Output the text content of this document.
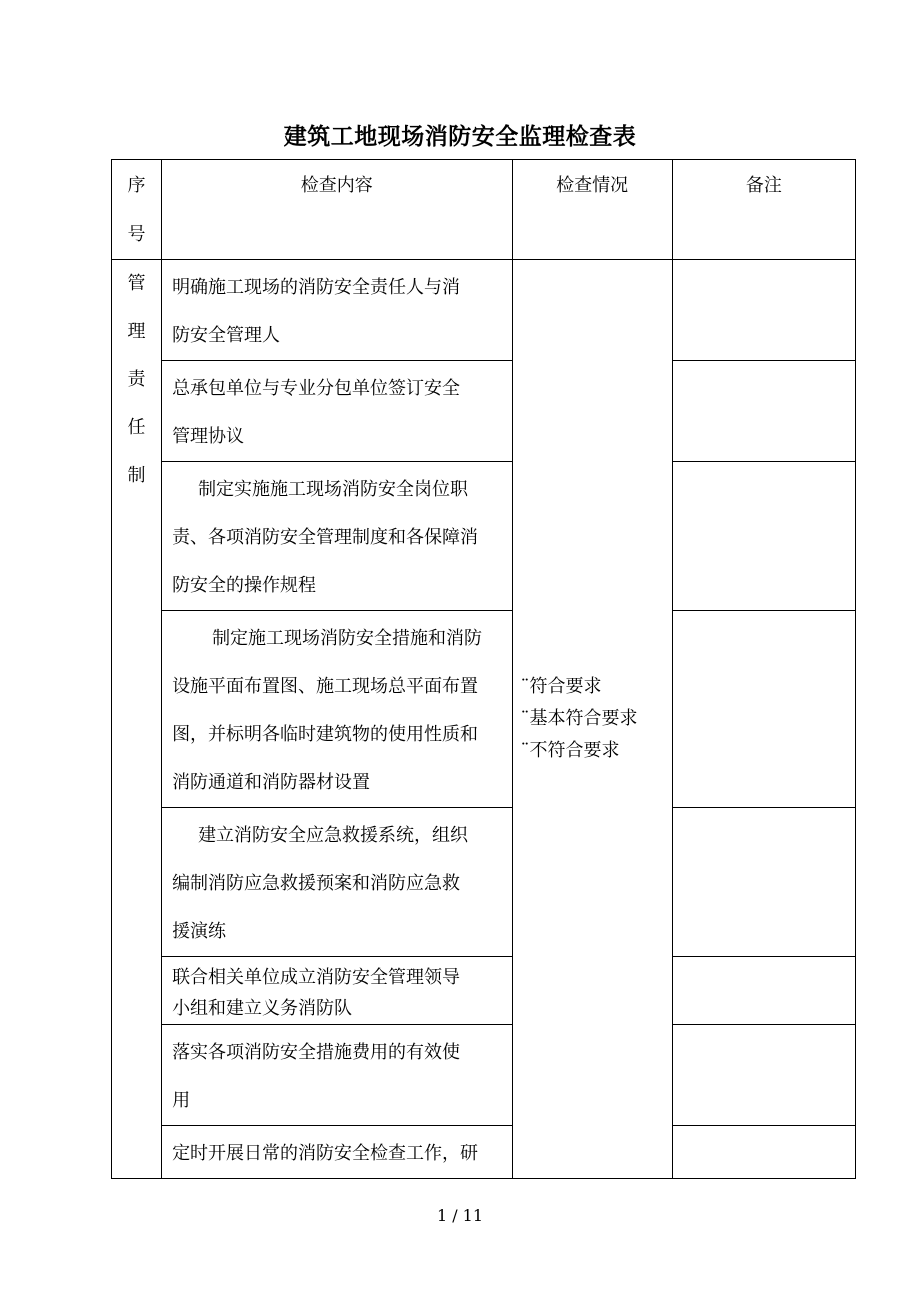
建筑工地现场消防安全监理检查表
序
号	检查内容	检查情况	备注

管
理
责
任
制	明确施工现场的消防安全责任人与消
防安全管理人	¨符合要求
¨基本符合要求
¨不符合要求	

	总承包单位与专业分包单位签订安全
管理协议		

	制定实施施工现场消防安全岗位职
责、各项消防安全管理制度和各保障消
防安全的操作规程		

	制定施工现场消防安全措施和消防
设施平面布置图、施工现场总平面布置
图，并标明各临时建筑物的使用性质和
消防通道和消防器材设置		

	建立消防安全应急救援系统，组织
编制消防应急救援预案和消防应急救
援演练		

	联合相关单位成立消防安全管理领导
小组和建立义务消防队		

	落实各项消防安全措施费用的有效使
用		

	定时开展日常的消防安全检查工作，研		

1 / 11
